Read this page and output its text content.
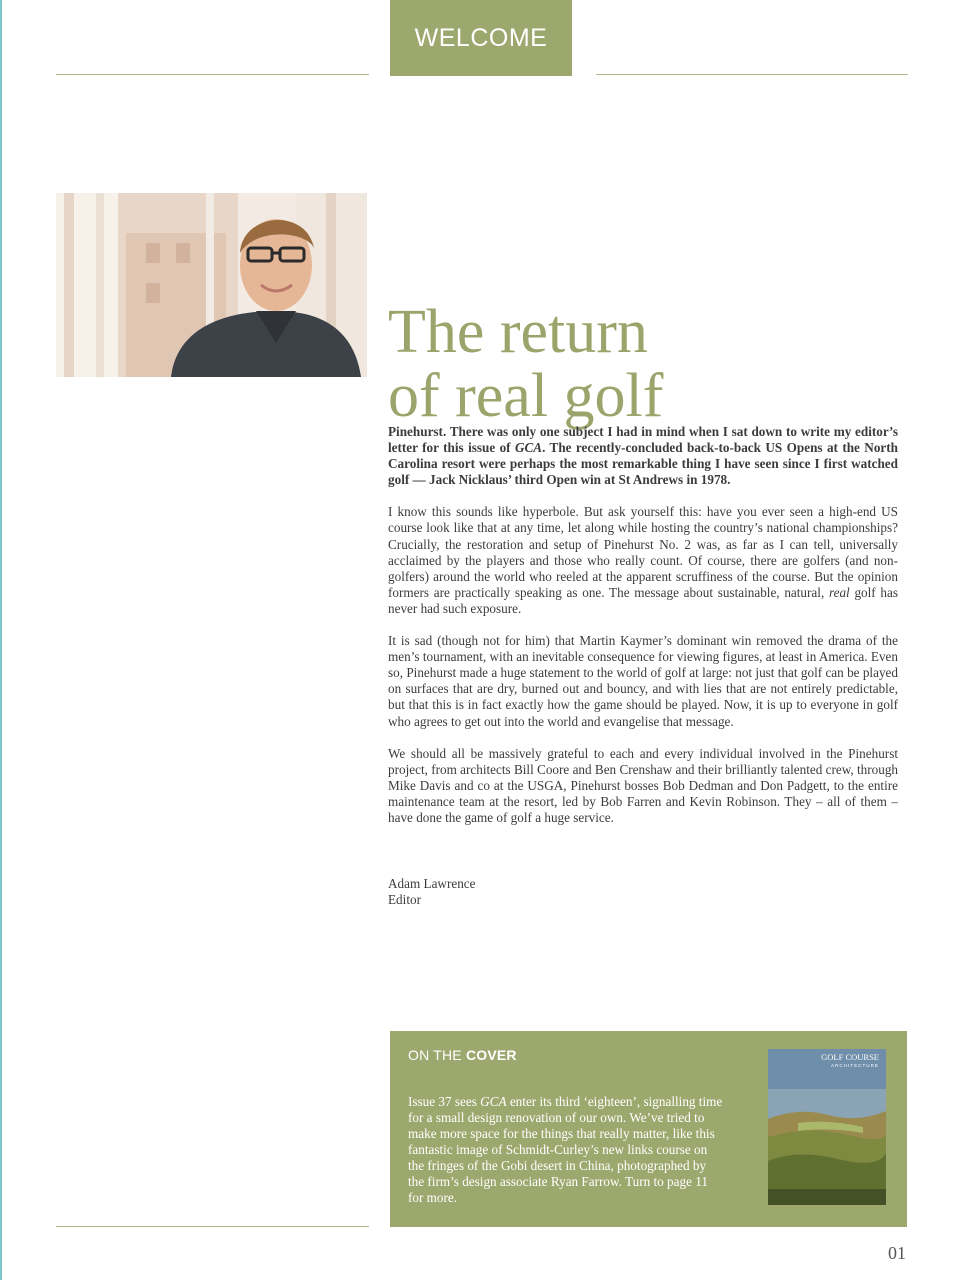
WELCOME
The return
of real golf

Pinehurst. There was only one subject I had in mind when I sat down to write my editor’s letter for this issue of GCA. The recently-concluded back-to-back US Opens at the North Carolina resort were perhaps the most remarkable thing I have seen since I first watched golf — Jack Nicklaus’ third Open win at St Andrews in 1978.

I know this sounds like hyperbole. But ask yourself this: have you ever seen a high-end US course look like that at any time, let along while hosting the country’s national championships? Crucially, the restoration and setup of Pinehurst No. 2 was, as far as I can tell, universally acclaimed by the players and those who really count. Of course, there are golfers (and non-golfers) around the world who reeled at the apparent scruffiness of the course. But the opinion formers are practically speaking as one. The message about sustainable, natural, real golf has never had such exposure.

It is sad (though not for him) that Martin Kaymer’s dominant win removed the drama of the men’s tournament, with an inevitable consequence for viewing figures, at least in America. Even so, Pinehurst made a huge statement to the world of golf at large: not just that golf can be played on surfaces that are dry, burned out and bouncy, and with lies that are not entirely predictable, but that this is in fact exactly how the game should be played. Now, it is up to everyone in golf who agrees to get out into the world and evangelise that message.

We should all be massively grateful to each and every individual involved in the Pinehurst project, from architects Bill Coore and Ben Crenshaw and their brilliantly talented crew, through Mike Davis and co at the USGA, Pinehurst bosses Bob Dedman and Don Padgett, to the entire maintenance team at the resort, led by Bob Farren and Kevin Robinson. They – all of them – have done the game of golf a huge service.

Adam Lawrence
Editor
ON THE COVER
Issue 37 sees GCA enter its third ‘eighteen’, signalling time for a small design renovation of our own. We’ve tried to make more space for the things that really matter, like this fantastic image of Schmidt-Curley’s new links course on the fringes of the Gobi desert in China, photographed by the firm’s design associate Ryan Farrow. Turn to page 11 for more.
GOLF COURSE
ARCHITECTURE
01
